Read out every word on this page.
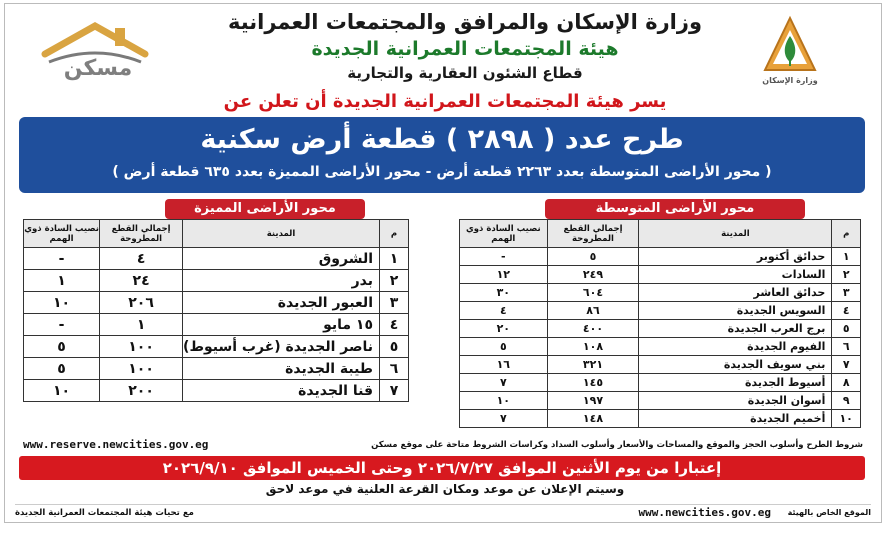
وزارة الإسكان
مسكن
وزارة الإسكان والمرافق والمجتمعات العمرانية
هيئة المجتمعات العمرانية الجديدة
قطاع الشئون العقارية والتجارية
يسر هيئة المجتمعات العمرانية الجديدة أن تعلن عن
طرح عدد ( ٢٨٩٨ ) قطعة أرض سكنية
( محور الأراضى المتوسطة بعدد ٢٢٦٣ قطعة أرض - محور الأراضى المميزة بعدد ٦٣٥ قطعة أرض )
محور الأراضى المتوسطة
م	المدينة	إجمالي القطع المطروحة	نصيب السادة ذوي الهمم
١	حدائق أكتوبر	٥	-
٢	السادات	٢٤٩	١٢
٣	حدائق العاشر	٦٠٤	٣٠
٤	السويس الجديدة	٨٦	٤
٥	برج العرب الجديدة	٤٠٠	٢٠
٦	الفيوم الجديدة	١٠٨	٥
٧	بني سويف الجديدة	٣٢١	١٦
٨	أسيوط الجديدة	١٤٥	٧
٩	أسوان الجديدة	١٩٧	١٠
١٠	أخميم الجديدة	١٤٨	٧
محور الأراضى المميزة
م	المدينة	إجمالي القطع المطروحة	نصيب السادة ذوي الهمم
١	الشروق	٤	-
٢	بدر	٢٤	١
٣	العبور الجديدة	٢٠٦	١٠
٤	١٥ مايو	١	-
٥	ناصر الجديدة (غرب أسيوط)	١٠٠	٥
٦	طيبة الجديدة	١٠٠	٥
٧	قنا الجديدة	٢٠٠	١٠
شروط الطرح وأسلوب الحجز والموقع والمساحات والأسعار وأسلوب السداد وكراسات الشروط متاحة على موقع مسكن
www.reserve.newcities.gov.eg
إعتبارا من يوم الأثنين الموافق ٢٠٢٦/٧/٢٧ وحتى الخميس الموافق ٢٠٢٦/٩/١٠
وسيتم الإعلان عن موعد ومكان القرعة العلنية في موعد لاحق
الموقع الخاص بالهيئة
www.newcities.gov.eg
مع تحيات هيئة المجتمعات العمرانية الجديدة
